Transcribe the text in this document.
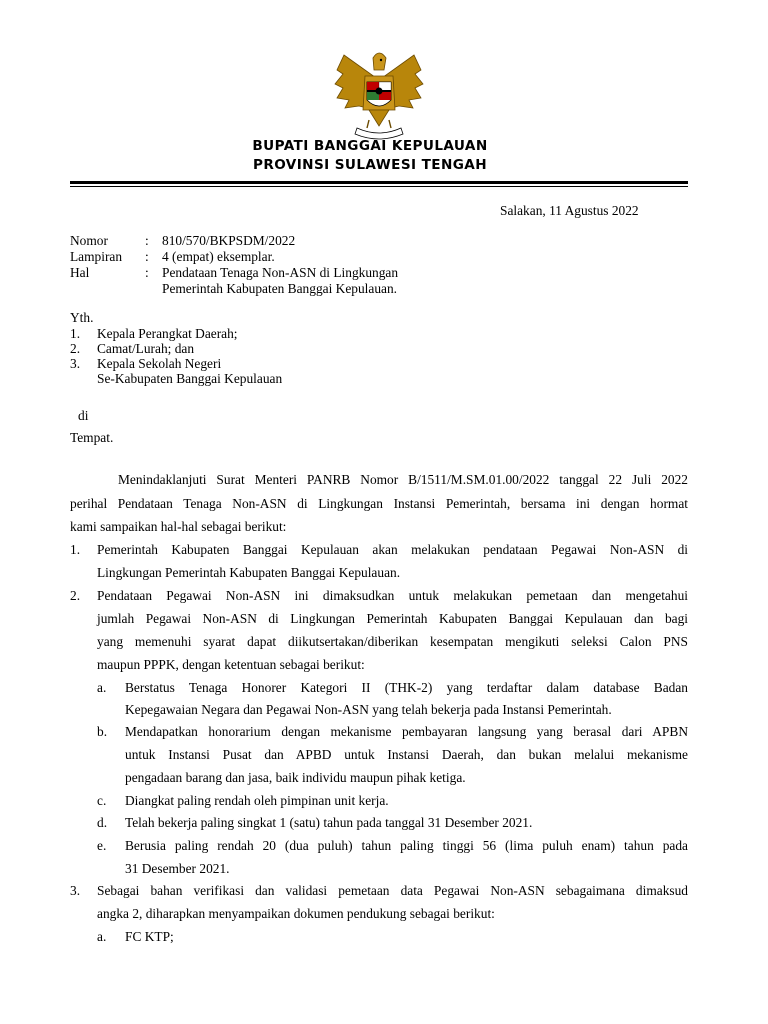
BUPATI BANGGAI KEPULAUAN
PROVINSI SULAWESI TENGAH
Salakan, 11 Agustus 2022
Nomor	: 810/570/BKPSDM/2022
Lampiran : 4 (empat) eksemplar.
Hal	: Pendataan Tenaga Non-ASN di Lingkungan
Pemerintah Kabupaten Banggai Kepulauan.
Yth.
1. Kepala Perangkat Daerah;
2. Camat/Lurah; dan
3. Kepala Sekolah Negeri
Se-Kabupaten Banggai Kepulauan
di
Tempat.
Menindaklanjuti Surat Menteri PANRB Nomor B/1511/M.SM.01.00/2022 tanggal 22 Juli 2022
perihal Pendataan Tenaga Non-ASN di Lingkungan Instansi Pemerintah, bersama ini dengan hormat
kami sampaikan hal-hal sebagai berikut:
1. Pemerintah Kabupaten Banggai Kepulauan akan melakukan pendataan Pegawai Non-ASN di
Lingkungan Pemerintah Kabupaten Banggai Kepulauan.
2. Pendataan Pegawai Non-ASN ini dimaksudkan untuk melakukan pemetaan dan mengetahui
jumlah Pegawai Non-ASN di Lingkungan Pemerintah Kabupaten Banggai Kepulauan dan bagi
yang memenuhi syarat dapat diikutsertakan/diberikan kesempatan mengikuti seleksi Calon PNS
maupun PPPK, dengan ketentuan sebagai berikut:
a. Berstatus Tenaga Honorer Kategori II (THK-2) yang terdaftar dalam database Badan
Kepegawaian Negara dan Pegawai Non-ASN yang telah bekerja pada Instansi Pemerintah.
b. Mendapatkan honorarium dengan mekanisme pembayaran langsung yang berasal dari APBN
untuk Instansi Pusat dan APBD untuk Instansi Daerah, dan bukan melalui mekanisme
pengadaan barang dan jasa, baik individu maupun pihak ketiga.
c. Diangkat paling rendah oleh pimpinan unit kerja.
d. Telah bekerja paling singkat 1 (satu) tahun pada tanggal 31 Desember 2021.
e. Berusia paling rendah 20 (dua puluh) tahun paling tinggi 56 (lima puluh enam) tahun pada
31 Desember 2021.
3. Sebagai bahan verifikasi dan validasi pemetaan data Pegawai Non-ASN sebagaimana dimaksud
angka 2, diharapkan menyampaikan dokumen pendukung sebagai berikut:
a. FC KTP;
